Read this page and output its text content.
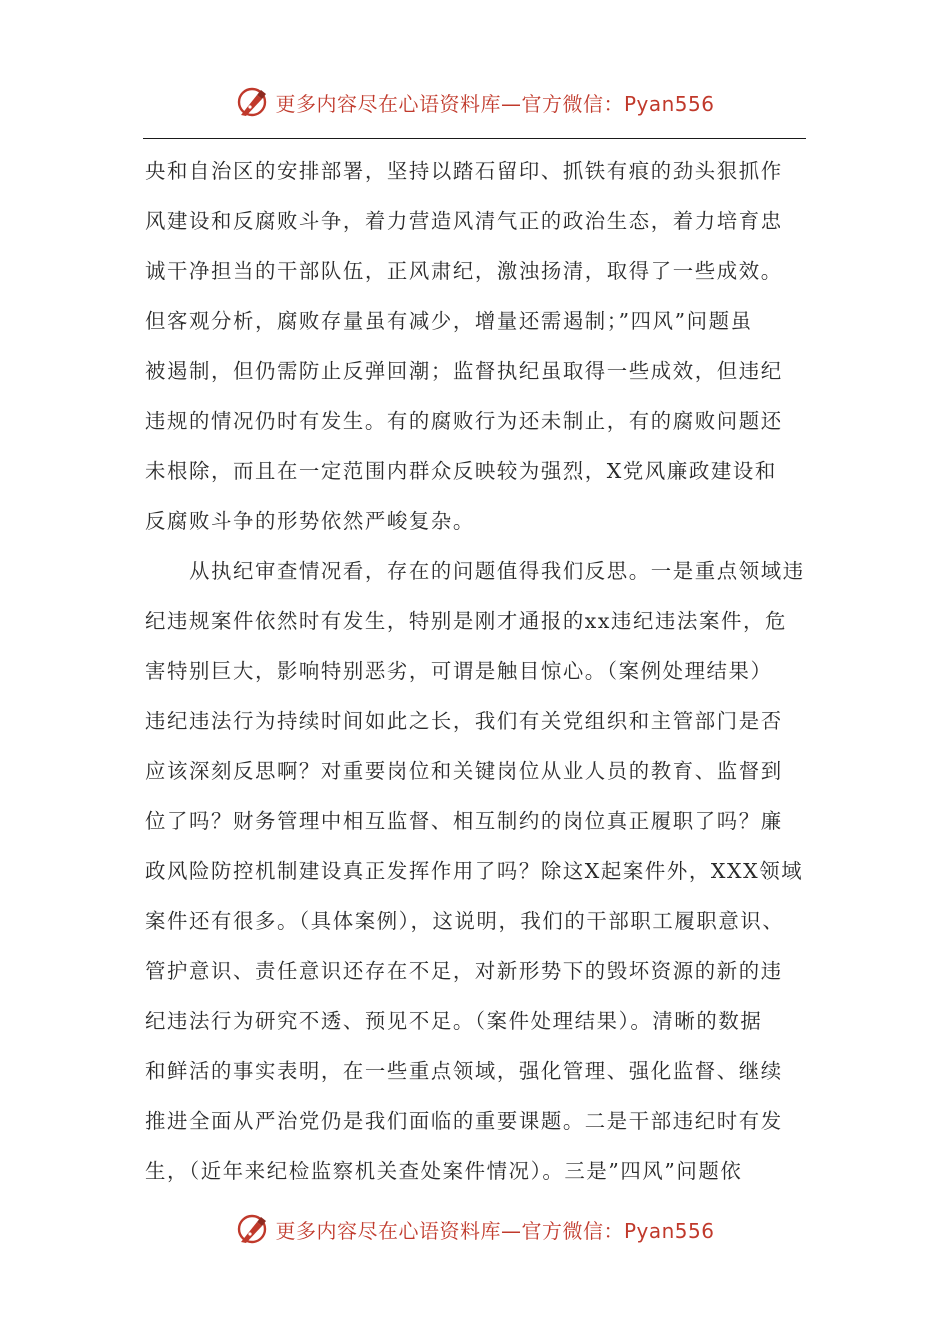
更多内容尽在心语资料库—官方微信：Pyan556
央和自治区的安排部署，坚持以踏石留印、抓铁有痕的劲头狠抓作
风建设和反腐败斗争，着力营造风清气正的政治生态，着力培育忠
诚干净担当的干部队伍，正风肃纪，激浊扬清，取得了一些成效。
但客观分析，腐败存量虽有减少，增量还需遏制；”四风”问题虽
被遏制，但仍需防止反弹回潮；监督执纪虽取得一些成效，但违纪
违规的情况仍时有发生。有的腐败行为还未制止，有的腐败问题还
未根除，而且在一定范围内群众反映较为强烈，X党风廉政建设和
反腐败斗争的形势依然严峻复杂。
　　从执纪审查情况看，存在的问题值得我们反思。一是重点领域违
纪违规案件依然时有发生，特别是刚才通报的xx违纪违法案件，危
害特别巨大，影响特别恶劣，可谓是触目惊心。（案例处理结果）
违纪违法行为持续时间如此之长，我们有关党组织和主管部门是否
应该深刻反思啊？对重要岗位和关键岗位从业人员的教育、监督到
位了吗？财务管理中相互监督、相互制约的岗位真正履职了吗？廉
政风险防控机制建设真正发挥作用了吗？除这X起案件外，XXX领域
案件还有很多。（具体案例），这说明，我们的干部职工履职意识、
管护意识、责任意识还存在不足，对新形势下的毁坏资源的新的违
纪违法行为研究不透、预见不足。（案件处理结果）。清晰的数据
和鲜活的事实表明，在一些重点领域，强化管理、强化监督、继续
推进全面从严治党仍是我们面临的重要课题。二是干部违纪时有发
生，（近年来纪检监察机关查处案件情况）。三是”四风”问题依
更多内容尽在心语资料库—官方微信：Pyan556
